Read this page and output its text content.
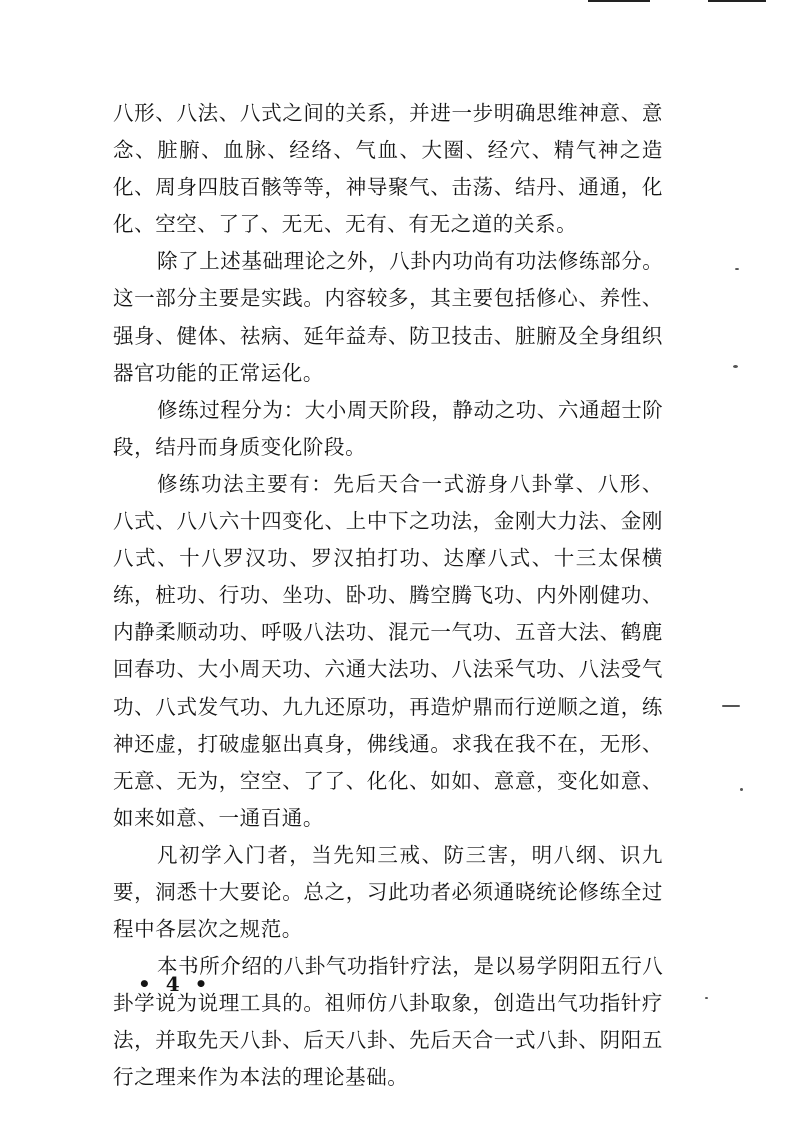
八形、八法、八式之间的关系，并进一步明确思维神意、意
念、脏腑、血脉、经络、气血、大圈、经穴、精气神之造
化、周身四肢百骸等等，神导聚气、击荡、结丹、通通，化
化、空空、了了、无无、无有、有无之道的关系。
除了上述基础理论之外，八卦内功尚有功法修练部分。
这一部分主要是实践。内容较多，其主要包括修心、养性、
强身、健体、祛病、延年益寿、防卫技击、脏腑及全身组织
器官功能的正常运化。
修练过程分为：大小周天阶段，静动之功、六通超士阶
段，结丹而身质变化阶段。
修练功法主要有：先后天合一式游身八卦掌、八形、
八式、八八六十四变化、上中下之功法，金刚大力法、金刚
八式、十八罗汉功、罗汉拍打功、达摩八式、十三太保横
练，桩功、行功、坐功、卧功、腾空腾飞功、内外刚健功、
内静柔顺动功、呼吸八法功、混元一气功、五音大法、鹤鹿
回春功、大小周天功、六通大法功、八法采气功、八法受气
功、八式发气功、九九还原功，再造炉鼎而行逆顺之道，练
神还虚，打破虚躯出真身，佛线通。求我在我不在，无形、
无意、无为，空空、了了、化化、如如、意意，变化如意、
如来如意、一通百通。
凡初学入门者，当先知三戒、防三害，明八纲、识九
要，洞悉十大要论。总之，习此功者必须通晓统论修练全过
程中各层次之规范。
本书所介绍的八卦气功指针疗法，是以易学阴阳五行八
卦学说为说理工具的。祖师仿八卦取象，创造出气功指针疗
法，并取先天八卦、后天八卦、先后天合一式八卦、阴阳五
行之理来作为本法的理论基础。
• 4 •
